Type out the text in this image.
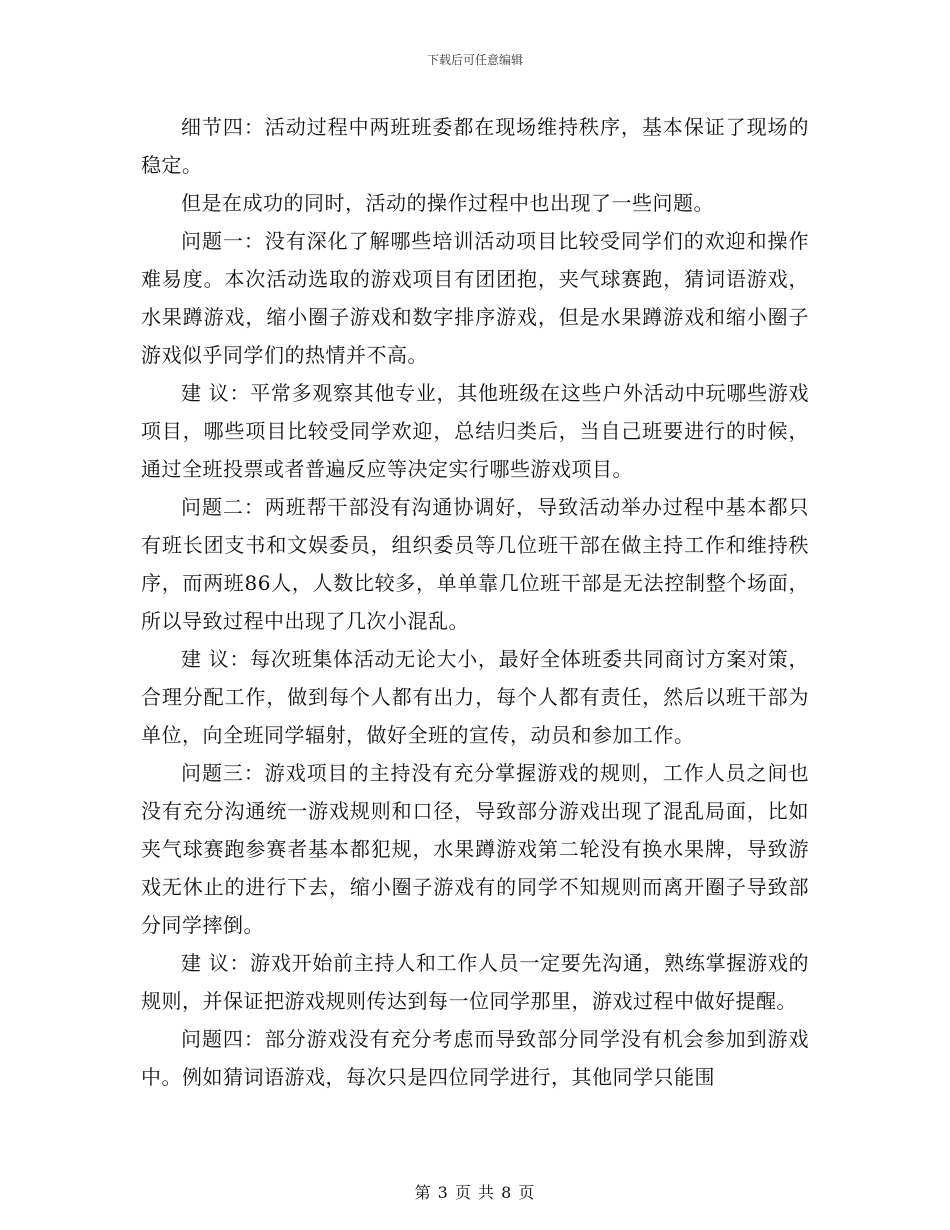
下载后可任意编辑

细节四：活动过程中两班班委都在现场维持秩序，基本保证了现场的稳定。

但是在成功的同时，活动的操作过程中也出现了一些问题。

问题一：没有深化了解哪些培训活动项目比较受同学们的欢迎和操作难易度。本次活动选取的游戏项目有团团抱，夹气球赛跑，猜词语游戏，水果蹲游戏，缩小圈子游戏和数字排序游戏，但是水果蹲游戏和缩小圈子游戏似乎同学们的热情并不高。

建 议：平常多观察其他专业，其他班级在这些户外活动中玩哪些游戏项目，哪些项目比较受同学欢迎，总结归类后，当自己班要进行的时候，通过全班投票或者普遍反应等决定实行哪些游戏项目。

问题二：两班帮干部没有沟通协调好，导致活动举办过程中基本都只有班长团支书和文娱委员，组织委员等几位班干部在做主持工作和维持秩序，而两班86人，人数比较多，单单靠几位班干部是无法控制整个场面，所以导致过程中出现了几次小混乱。

建 议：每次班集体活动无论大小，最好全体班委共同商讨方案对策，合理分配工作，做到每个人都有出力，每个人都有责任，然后以班干部为单位，向全班同学辐射，做好全班的宣传，动员和参加工作。

问题三：游戏项目的主持没有充分掌握游戏的规则，工作人员之间也没有充分沟通统一游戏规则和口径，导致部分游戏出现了混乱局面，比如夹气球赛跑参赛者基本都犯规，水果蹲游戏第二轮没有换水果牌，导致游戏无休止的进行下去，缩小圈子游戏有的同学不知规则而离开圈子导致部分同学摔倒。

建 议：游戏开始前主持人和工作人员一定要先沟通，熟练掌握游戏的规则，并保证把游戏规则传达到每一位同学那里，游戏过程中做好提醒。

问题四：部分游戏没有充分考虑而导致部分同学没有机会参加到游戏中。例如猜词语游戏，每次只是四位同学进行，其他同学只能围

第 3 页 共 8 页
